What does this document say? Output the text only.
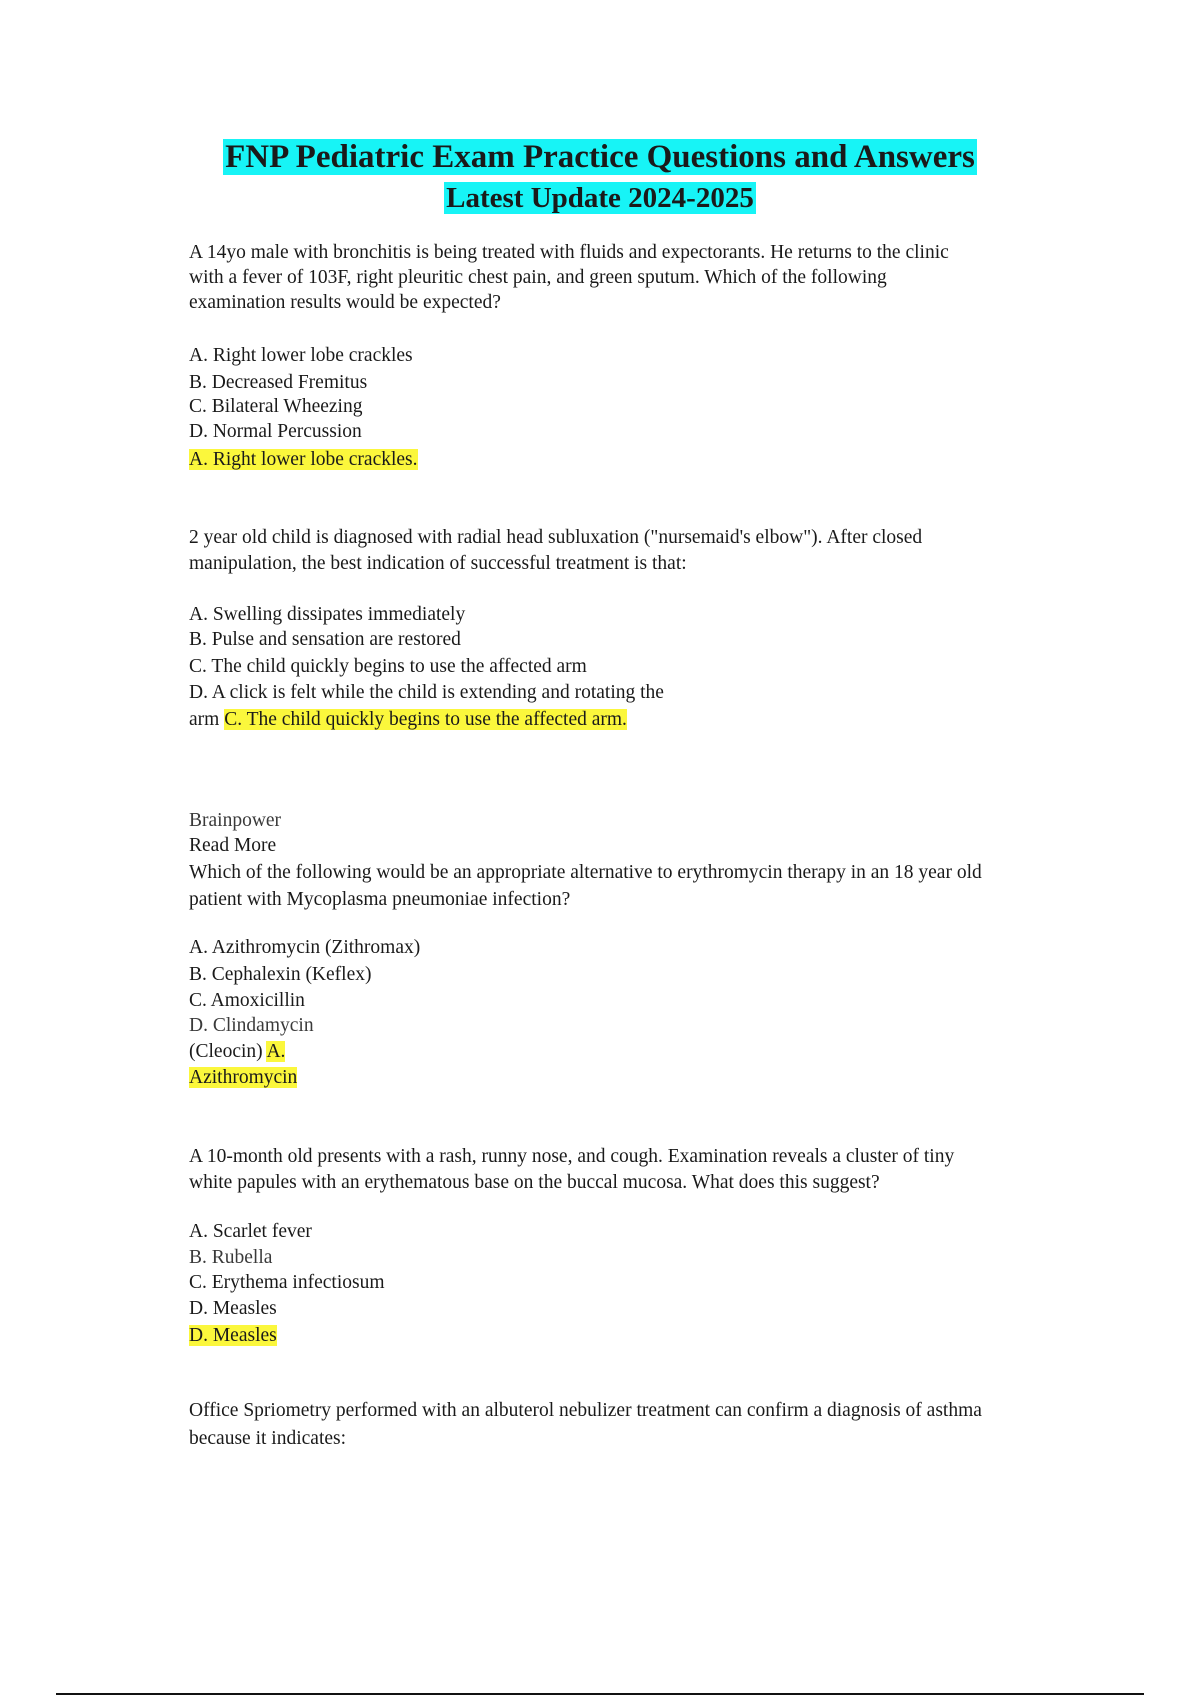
FNP Pediatric Exam Practice Questions and Answers
Latest Update 2024-2025
A 14yo male with bronchitis is being treated with fluids and expectorants. He returns to the clinic
with a fever of 103F, right pleuritic chest pain, and green sputum. Which of the following
examination results would be expected?
A. Right lower lobe crackles
B. Decreased Fremitus
C. Bilateral Wheezing
D. Normal Percussion
A. Right lower lobe crackles.
2 year old child is diagnosed with radial head subluxation ("nursemaid's elbow"). After closed
manipulation, the best indication of successful treatment is that:
A. Swelling dissipates immediately
B. Pulse and sensation are restored
C. The child quickly begins to use the affected arm
D. A click is felt while the child is extending and rotating the
arm C. The child quickly begins to use the affected arm.
Brainpower
Read More
Which of the following would be an appropriate alternative to erythromycin therapy in an 18 year old
patient with Mycoplasma pneumoniae infection?
A. Azithromycin (Zithromax)
B. Cephalexin (Keflex)
C. Amoxicillin
D. Clindamycin
(Cleocin) A.
Azithromycin
A 10-month old presents with a rash, runny nose, and cough. Examination reveals a cluster of tiny
white papules with an erythematous base on the buccal mucosa. What does this suggest?
A. Scarlet fever
B. Rubella
C. Erythema infectiosum
D. Measles
D. Measles
Office Spriometry performed with an albuterol nebulizer treatment can confirm a diagnosis of asthma
because it indicates:
